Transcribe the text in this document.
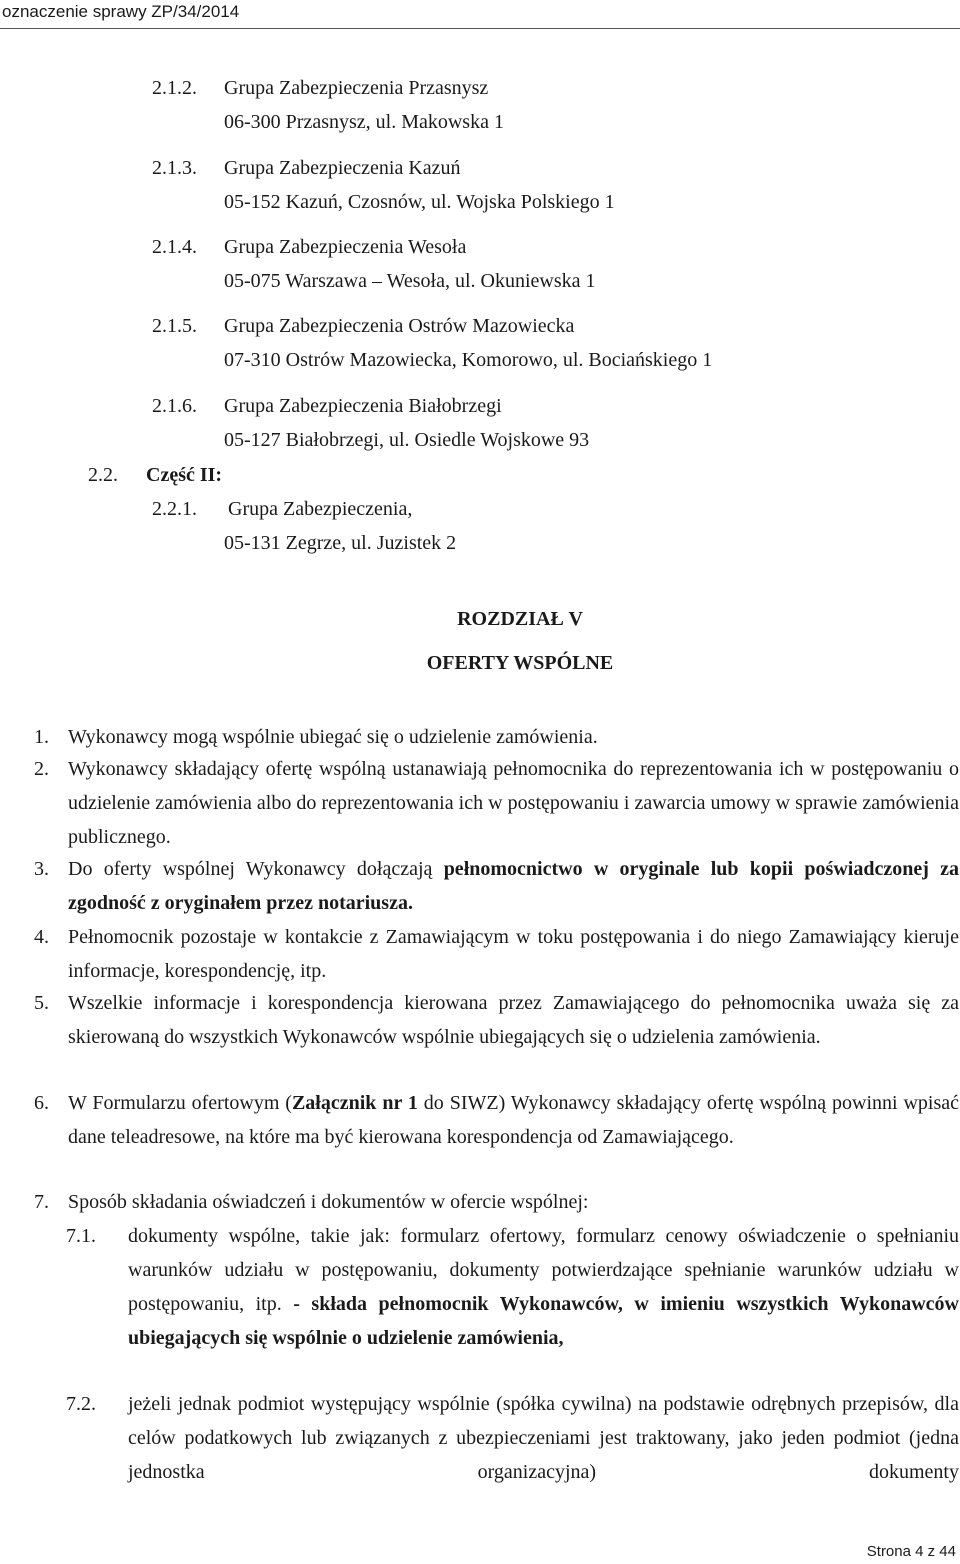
oznaczenie sprawy ZP/34/2014
2.1.2. Grupa Zabezpieczenia Przasnysz
06-300 Przasnysz, ul. Makowska 1
2.1.3. Grupa Zabezpieczenia Kazuń
05-152 Kazuń, Czosnów, ul. Wojska Polskiego 1
2.1.4. Grupa Zabezpieczenia Wesoła
05-075 Warszawa – Wesoła, ul. Okuniewska 1
2.1.5. Grupa Zabezpieczenia Ostrów Mazowiecka
07-310 Ostrów Mazowiecka, Komorowo, ul. Bociańskiego 1
2.1.6. Grupa Zabezpieczenia Białobrzegi
05-127 Białobrzegi, ul. Osiedle Wojskowe 93
2.2. Część II:
2.2.1. Grupa Zabezpieczenia,
05-131 Zegrze, ul. Juzistek 2
ROZDZIAŁ V
OFERTY WSPÓLNE
1. Wykonawcy mogą wspólnie ubiegać się o udzielenie zamówienia.
2. Wykonawcy składający ofertę wspólną ustanawiają pełnomocnika do reprezentowania ich w postępowaniu o udzielenie zamówienia albo do reprezentowania ich w postępowaniu i zawarcia umowy w sprawie zamówienia publicznego.
3. Do oferty wspólnej Wykonawcy dołączają pełnomocnictwo w oryginale lub kopii poświadczonej za zgodność z oryginałem przez notariusza.
4. Pełnomocnik pozostaje w kontakcie z Zamawiającym w toku postępowania i do niego Zamawiający kieruje informacje, korespondencję, itp.
5. Wszelkie informacje i korespondencja kierowana przez Zamawiającego do pełnomocnika uważa się za skierowaną do wszystkich Wykonawców wspólnie ubiegających się o udzielenia zamówienia.
6. W Formularzu ofertowym (Załącznik nr 1 do SIWZ) Wykonawcy składający ofertę wspólną powinni wpisać dane teleadresowe, na które ma być kierowana korespondencja od Zamawiającego.
7. Sposób składania oświadczeń i dokumentów w ofercie wspólnej:
7.1. dokumenty wspólne, takie jak: formularz ofertowy, formularz cenowy oświadczenie o spełnianiu warunków udziału w postępowaniu, dokumenty potwierdzające spełnianie warunków udziału w postępowaniu, itp. - składa pełnomocnik Wykonawców, w imieniu wszystkich Wykonawców ubiegających się wspólnie o udzielenie zamówienia,
7.2. jeżeli jednak podmiot występujący wspólnie (spółka cywilna) na podstawie odrębnych przepisów, dla celów podatkowych lub związanych z ubezpieczeniami jest traktowany, jako jeden podmiot (jedna jednostka organizacyjna) dokumenty
Strona 4 z 44
